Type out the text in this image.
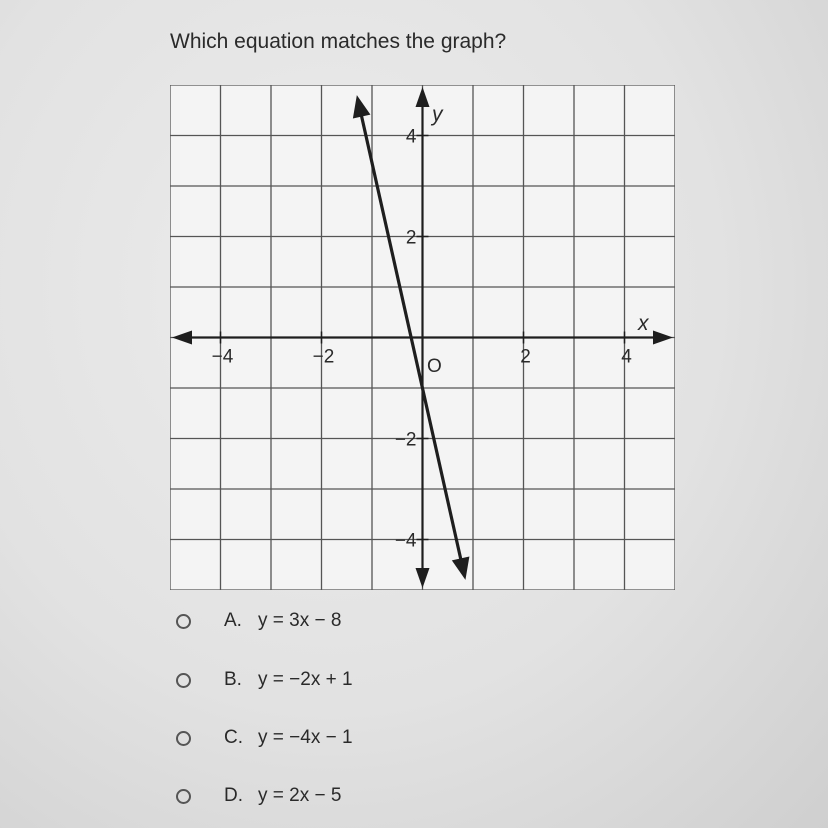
Which equation matches the graph?
−4	−2	2	4
4
2
−2
−4
x
y
O
A. y = 3x − 8
B. y = −2x + 1
C. y = −4x − 1
D. y = 2x − 5
